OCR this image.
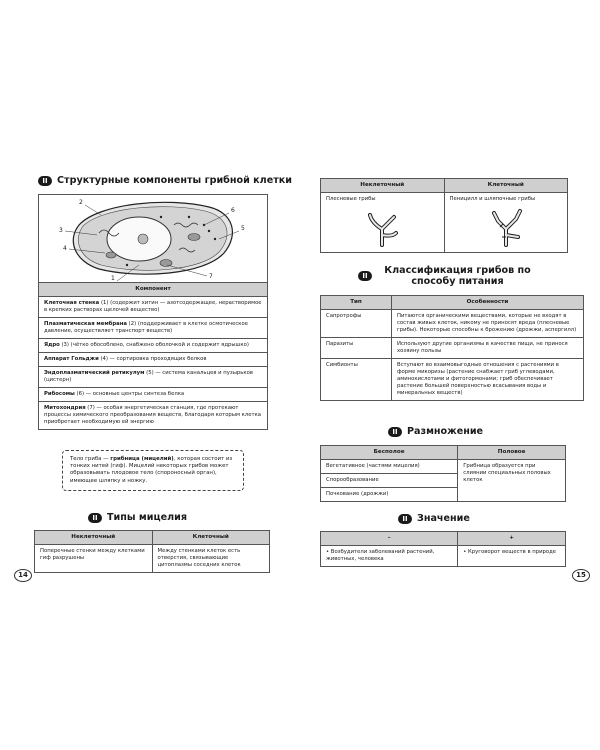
II Структурные компоненты грибной клетки
2
3
4
6
5
1	7
Компонент
Клеточная стенка (1) (содержит хитин — азотсодержащее, нерастворимое в крепких растворах щелочей вещество)
Плазматическая мембрана (2) (поддерживает в клетке осмотическое давление, осуществляет транспорт веществ)
Ядро (3) (чётко обособлено, снабжено оболочкой и содержит ядрышко)
Аппарат Гольджи (4) — сортировка проходящих белков
Эндоплазматический ретикулум (5) — система канальцев и пузырьков (цистерн)
Рибосомы (6) — основные центры синтеза белка
Митохондрия (7) — особая энергетическая станция, где протекают процессы химического преобразования веществ, благодаря которым клетка приобретает необходимую ей энергию
Тело гриба — грибница (мицелий), которая состоит из тонких нитей (гиф). Мицелий некоторых грибов может образовывать плодовое тело (спороносный орган), имеющее шляпку и ножку.
II Типы мицелия
Неклеточный	Клеточный
Поперечные стенки между клетками гиф разрушены	Между стенками клеток есть отверстия, связывающие цитоплазмы соседних клеток
14
Неклеточный	Клеточный

Плесневые грибы	Пеницилл и шляпочные грибы
II	Классификация грибов по способу питания
Тип	Особенности
Сапротрофы	Питаются органическими веществами, которые не входят в состав живых клеток, никому не приносят вреда (плесневые грибы). Некоторые способны к брожению (дрожжи, аспергилл)
Паразиты	Используют другие организмы в качестве пищи, не принося хозяину пользы
Симбионты	Вступают во взаимовыгодные отношения с растениями в форме микоризы (растение снабжает гриб углеводами, аминокислотами и фитогормонами; гриб обеспечивает растение большей поверхностью всасывания воды и минеральных веществ)
II Размножение
Бесполое	Половое
Вегетативное (частями мицелия)	Грибница образуется при слиянии специальных половых клеток
Спорообразование	
Почкование (дрожжи)	
II Значение
–	+
• Возбудители заболеваний растений, животных, человека	• Круговорот веществ в природе
15
